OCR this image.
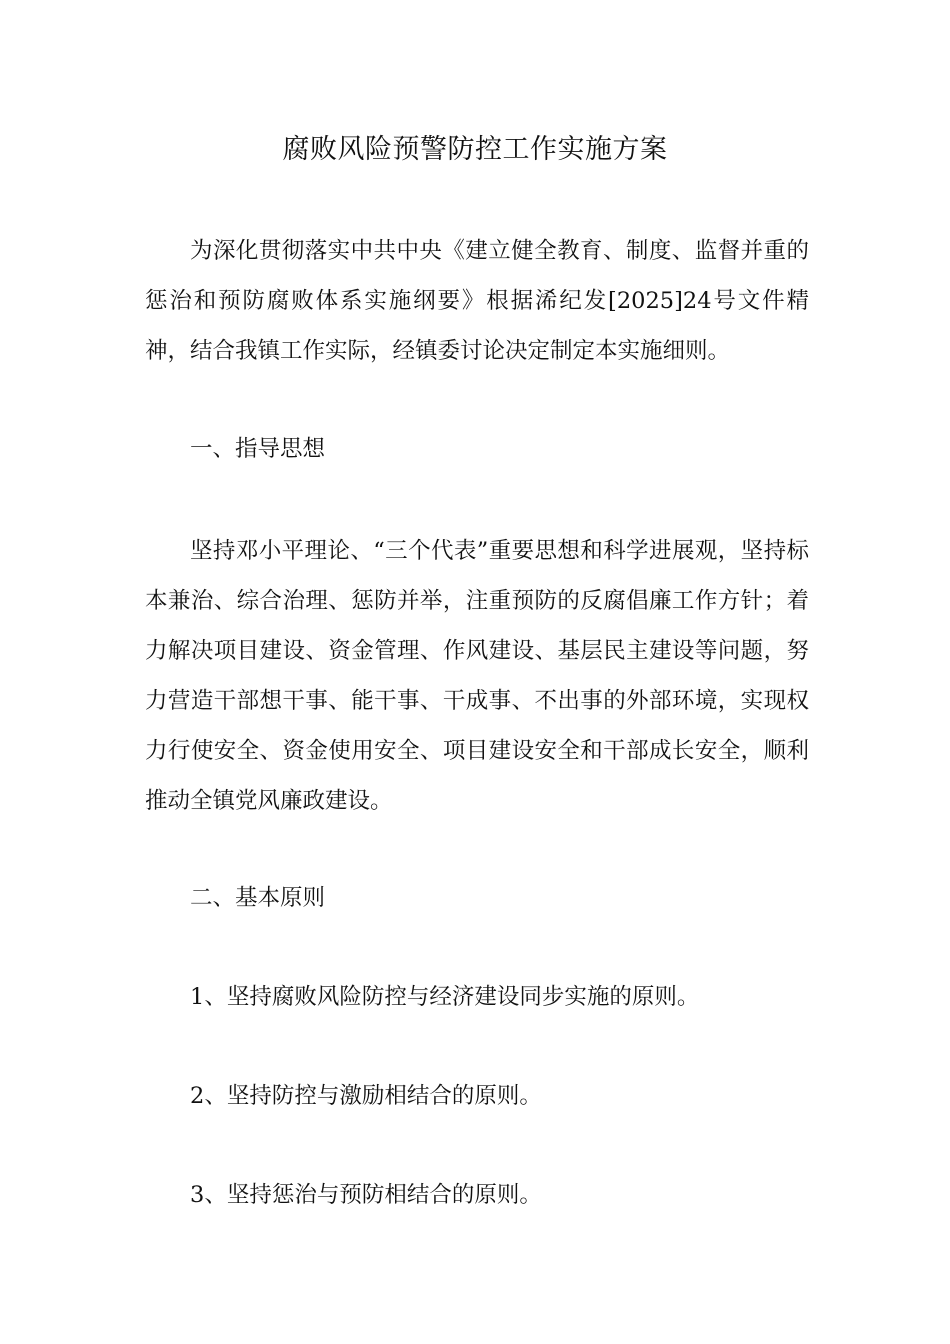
腐败风险预警防控工作实施方案

为深化贯彻落实中共中央《建立健全教育、制度、监督并重的惩治和预防腐败体系实施纲要》根据浠纪发[2025]24号文件精神，结合我镇工作实际，经镇委讨论决定制定本实施细则。

一、指导思想

坚持邓小平理论、“三个代表”重要思想和科学进展观，坚持标本兼治、综合治理、惩防并举，注重预防的反腐倡廉工作方针；着力解决项目建设、资金管理、作风建设、基层民主建设等问题，努力营造干部想干事、能干事、干成事、不出事的外部环境，实现权力行使安全、资金使用安全、项目建设安全和干部成长安全，顺利推动全镇党风廉政建设。

二、基本原则

1、坚持腐败风险防控与经济建设同步实施的原则。

2、坚持防控与激励相结合的原则。

3、坚持惩治与预防相结合的原则。
